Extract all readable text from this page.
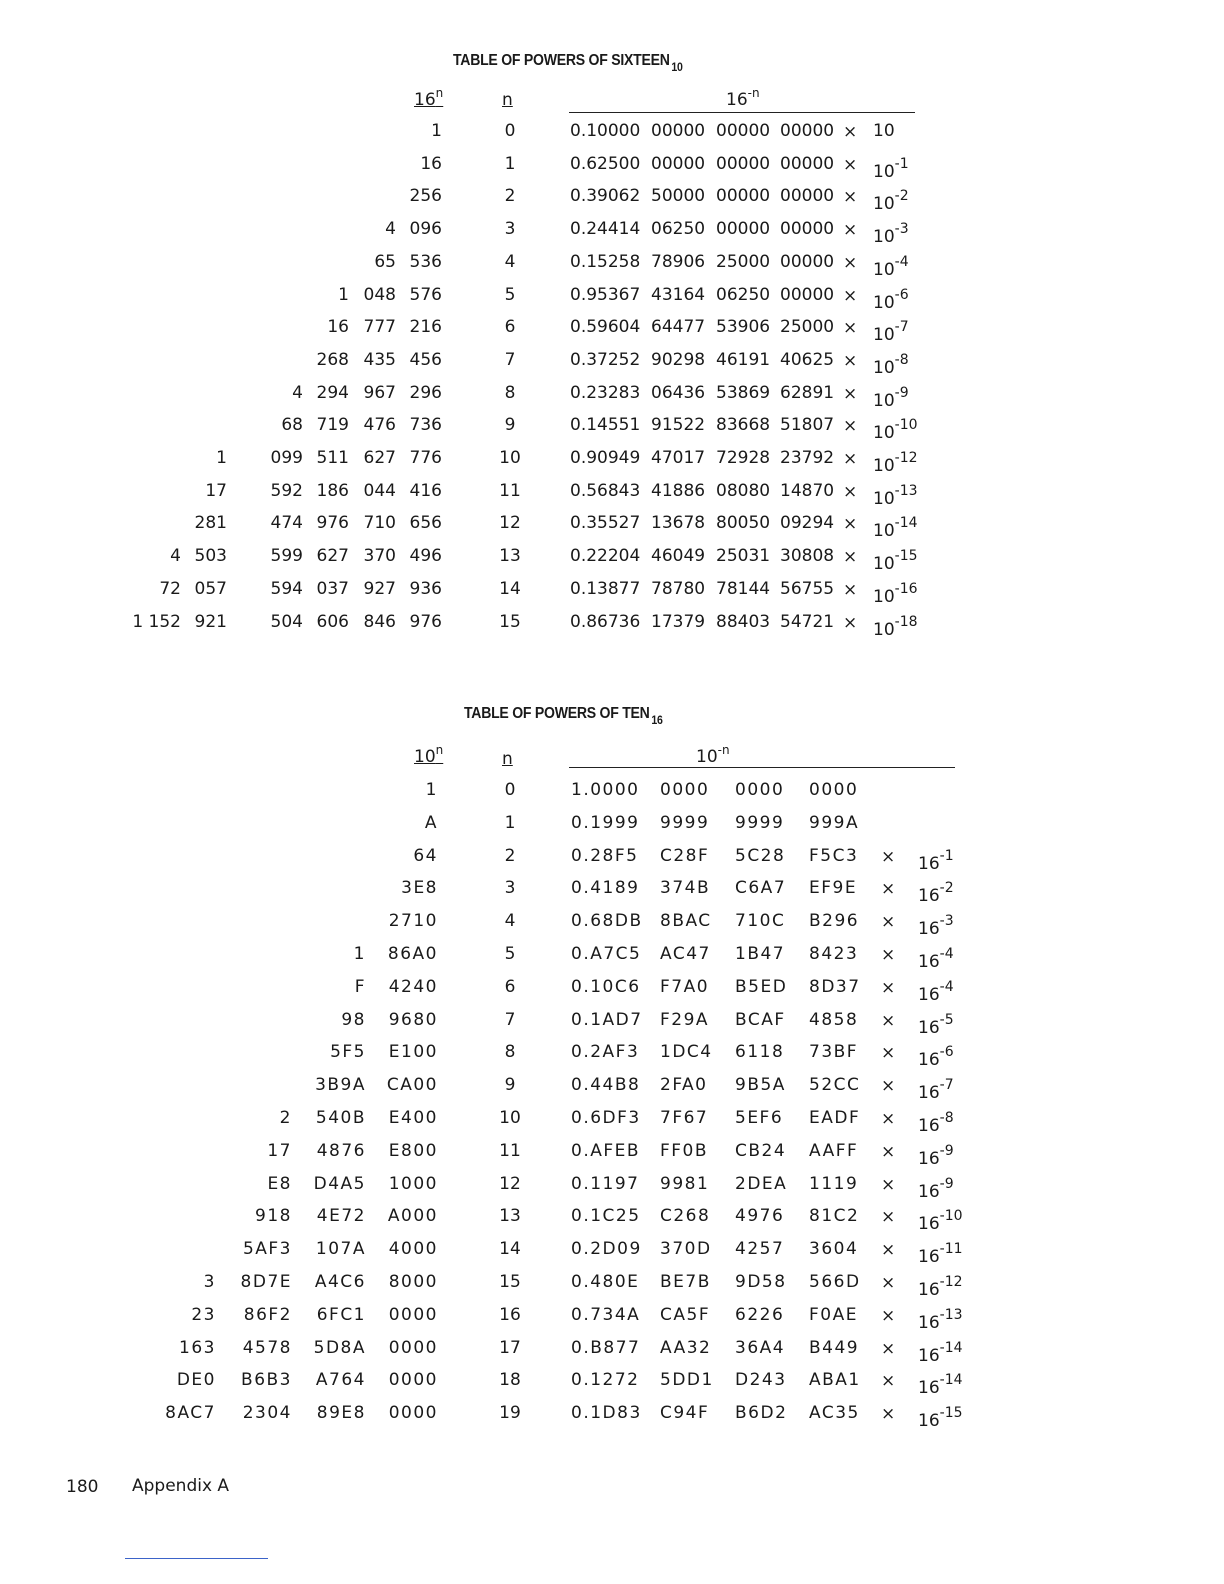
TABLE OF POWERS OF SIXTEEN $_{10}$
16$^n$	n	$16^{-n}$
1	0	0.10000 00000 00000 00000 × 10
16	1	0.62500 00000 00000 $00000 \times 10^{-1}$
256	2	0.39062 50000 00000 $00000 \times 10^{-2}$
4 096	3	0.24414 06250 00000 $00000 \times 10^{-3}$
65 536	4	0.15258 78906 25000 $00000 \times 10^{-4}$
1 048 576	5	0.95367 43164 06250 $00000 \times 10^{-6}$
16 777 216	6	0.59604 64477 53906 $25000 \times 10^{-7}$
268 435 456	7	0.37252 90298 46191 $40625 \times 10^{-8}$
4 294 967 296	8	0.23283 06436 53869 $62891 \times 10^{-9}$
68 719 476 736	9	0.14551 91522 83668 $51807 \times 10^{-10}$
1	099 511 627 776	10	0.90949 47017 72928 $23792 \times 10^{-12}$
17	592 186 044 416	11	0.56843 41886 08080 $14870 \times 10^{-13}$
281	474 976 710 656	12	0.35527 13678 80050 $09294 \times 10^{-14}$
4 503	599 627 370 496	13	0.22204 46049 25031 $30808 \times 10^{-15}$
72 057	594 037 927 936	14	0.13877 78780 78144 $56755 \times 10^{-16}$
1 152 921	504 606 846 976	15	0.86736 17379 88403 $54721 \times 10^{-18}$
TABLE OF POWERS OF TEN $_{16}$
10$^n$	n	$10^{-n}$
1	0	1.0000 0000 0000 0000
A	1	0.1999 9999 9999 999A
64	2	0.28F5 C28F 5C28 $F5C3 \times 16^{-1}$
3E8	3	0.4189 374B C6A7 $EF9E \times 16^{-2}$
2710	4	0.68DB 8BAC 710C $B296 \times 16^{-3}$
1	86A0	5	0.A7C5 AC47 1B47 $8423 \times 16^{-4}$
F	4240	6	0.10C6 F7A0 B5ED $8D37 \times 16^{-4}$
98	9680	7	0.1AD7 F29A BCAF $4858 \times 16^{-5}$
5F5	E100	8	0.2AF3 1DC4 6118 $73BF \times 16^{-6}$
3B9A	CA00	9	0.44B8 2FA0 9B5A $52CC \times 16^{-7}$
2	540B	E400	10	0.6DF3 7F67 5EF6 EADF × $16^{-8}$
17	4876	E800	11	0.AFEB FF0B CB24 AAFF × $16^{-9}$
E8	D4A5	1000	12	0.1197 9981 2DEA $1119 \times 16^{-9}$
918	4E72	A000	13	0.1C25 C268 4976 $81C2 \times 16^{-10}$
5AF3	107A	4000	14	0.2D09 370D 4257 $3604 \times 16^{-11}$
3	8D7E	A4C6	8000	15	0.480E BE7B 9D58 $566D \times 16^{-12}$
23	86F2	6FC1	0000	16	0.734A CA5F 6226 $F0AE \times 16^{-13}$
163	4578	5D8A	0000	17	0.B877 AA32 36A4 $B449 \times 16^{-14}$
DE0	B6B3	A764	0000	18	0.1272 5DD1 D243 $ABA1 \times 16^{-14}$
8AC7	2304	89E8	0000	19	0.1D83 C94F B6D2 $AC35 \times 16^{-15}$
180 Appendix A
